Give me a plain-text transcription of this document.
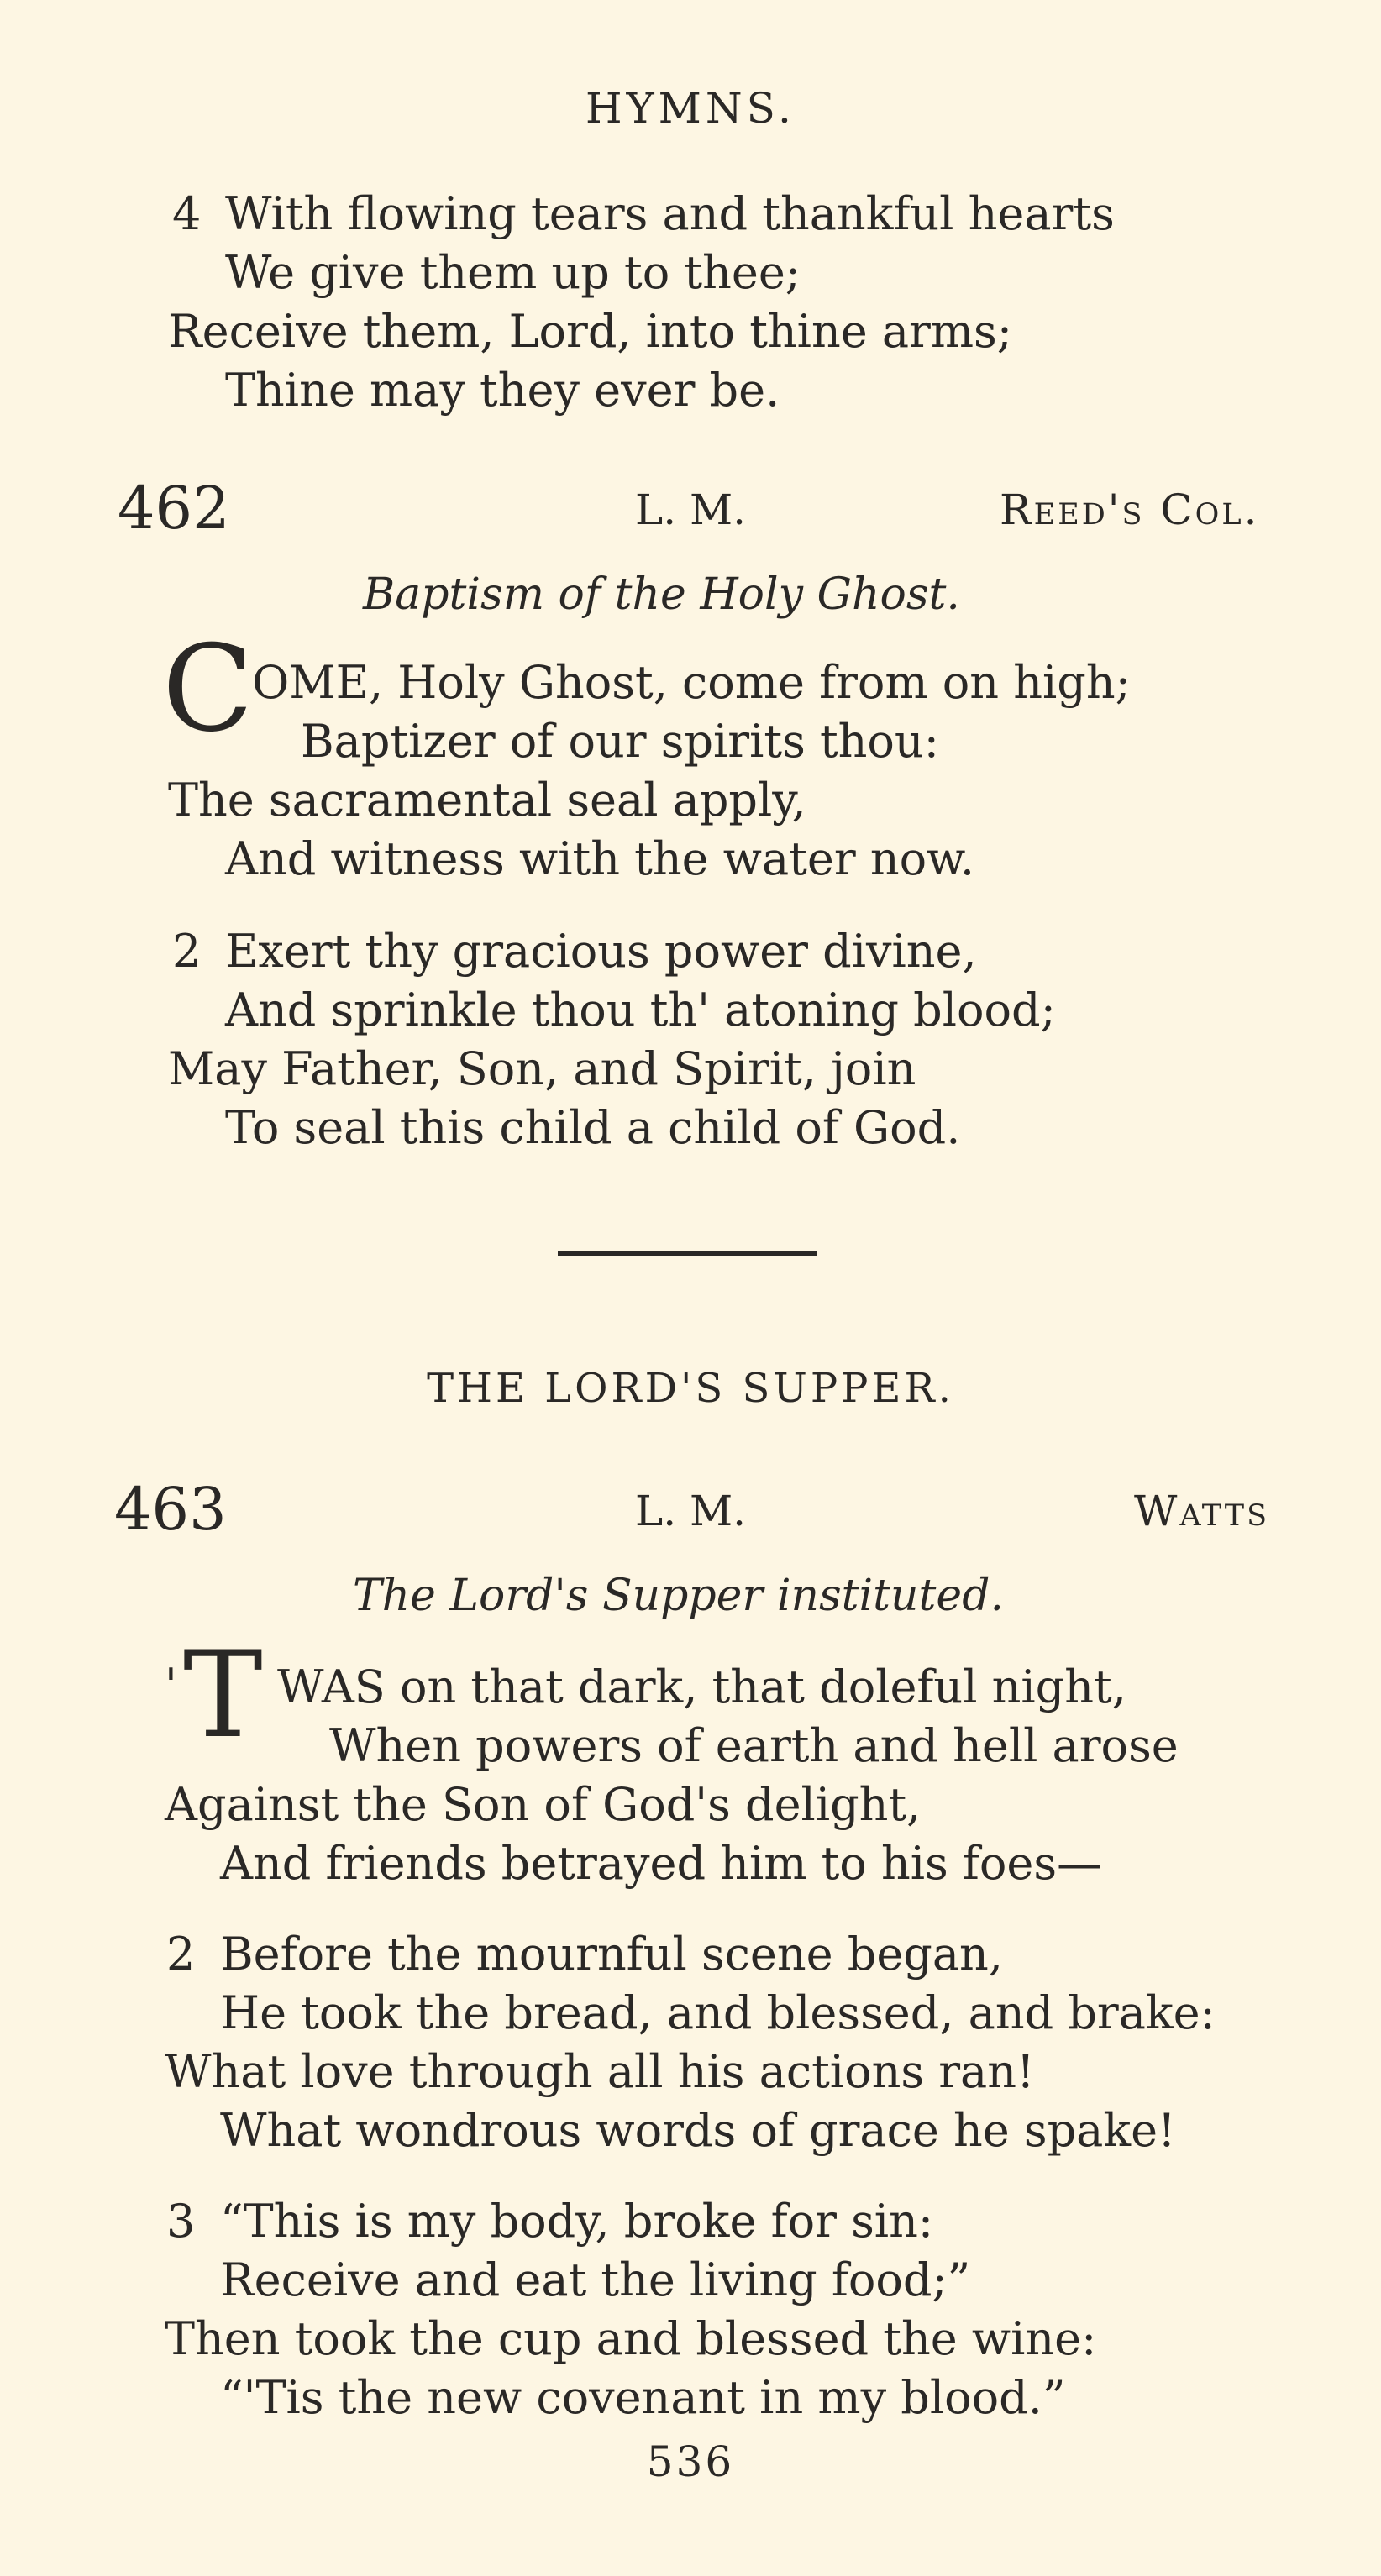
HYMNS.
4 With flowing tears and thankful hearts
We give them up to thee;
Receive them, Lord, into thine arms;
Thine may they ever be.
462	L. M.	Reed's Col.
Baptism of the Holy Ghost.
C
OME, Holy Ghost, come from on high;
Baptizer of our spirits thou:
The sacramental seal apply,
And witness with the water now.
2 Exert thy gracious power divine,
And sprinkle thou th' atoning blood;
May Father, Son, and Spirit, join
To seal this child a child of God.
THE LORD'S SUPPER.
463	L. M.	Watts
The Lord's Supper instituted.
' T WAS on that dark, that doleful night,
When powers of earth and hell arose
Against the Son of God's delight,
And friends betrayed him to his foes—
2 Before the mournful scene began,
He took the bread, and blessed, and brake:
What love through all his actions ran!
What wondrous words of grace he spake!
3 “This is my body, broke for sin:
Receive and eat the living food;”
Then took the cup and blessed the wine:
“'Tis the new covenant in my blood.”
536
